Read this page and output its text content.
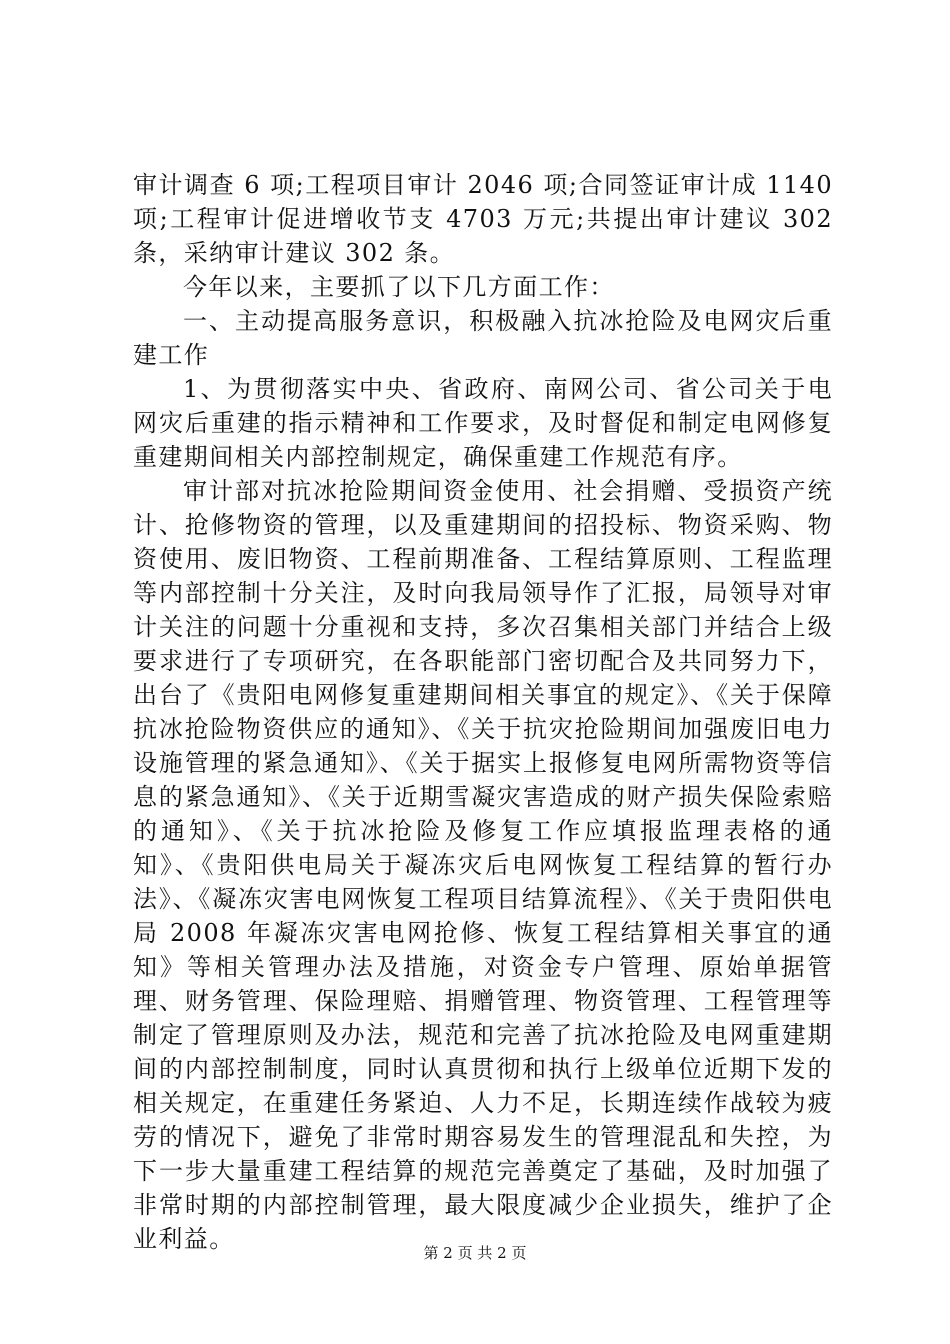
审计调查 6 项;工程项目审计 2046 项;合同签证审计成 1140 项;工程审计促进增收节支 4703 万元;共提出审计建议 302 条，采纳审计建议 302 条。

今年以来，主要抓了以下几方面工作：

一、主动提高服务意识，积极融入抗冰抢险及电网灾后重建工作

1、为贯彻落实中央、省政府、南网公司、省公司关于电网灾后重建的指示精神和工作要求，及时督促和制定电网修复重建期间相关内部控制规定，确保重建工作规范有序。

审计部对抗冰抢险期间资金使用、社会捐赠、受损资产统计、抢修物资的管理，以及重建期间的招投标、物资采购、物资使用、废旧物资、工程前期准备、工程结算原则、工程监理等内部控制十分关注，及时向我局领导作了汇报，局领导对审计关注的问题十分重视和支持，多次召集相关部门并结合上级要求进行了专项研究，在各职能部门密切配合及共同努力下，出台了《贵阳电网修复重建期间相关事宜的规定》、《关于保障抗冰抢险物资供应的通知》、《关于抗灾抢险期间加强废旧电力设施管理的紧急通知》、《关于据实上报修复电网所需物资等信息的紧急通知》、《关于近期雪凝灾害造成的财产损失保险索赔的通知》、《关于抗冰抢险及修复工作应填报监理表格的通知》、《贵阳供电局关于凝冻灾后电网恢复工程结算的暂行办法》、《凝冻灾害电网恢复工程项目结算流程》、《关于贵阳供电局 2008 年凝冻灾害电网抢修、恢复工程结算相关事宜的通知》等相关管理办法及措施，对资金专户管理、原始单据管理、财务管理、保险理赔、捐赠管理、物资管理、工程管理等制定了管理原则及办法，规范和完善了抗冰抢险及电网重建期间的内部控制制度，同时认真贯彻和执行上级单位近期下发的相关规定，在重建任务紧迫、人力不足，长期连续作战较为疲劳的情况下，避免了非常时期容易发生的管理混乱和失控，为下一步大量重建工程结算的规范完善奠定了基础，及时加强了非常时期的内部控制管理，最大限度减少企业损失，维护了企业利益。	第 2 页 共 2 页
